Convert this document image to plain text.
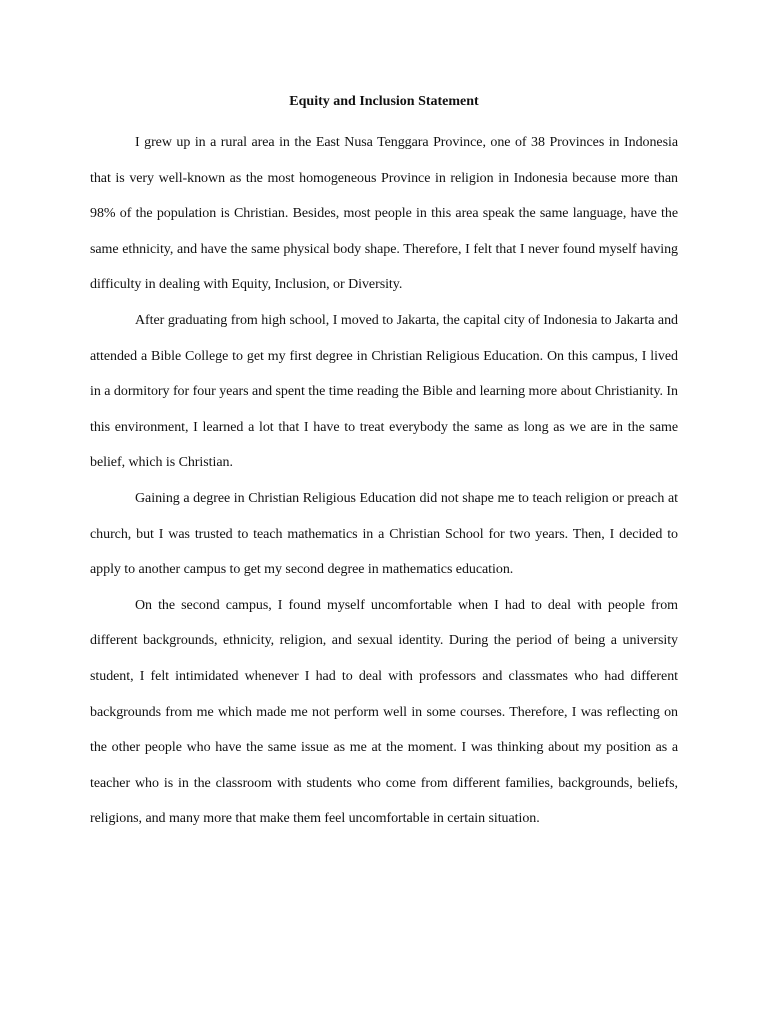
Equity and Inclusion Statement

I grew up in a rural area in the East Nusa Tenggara Province, one of 38 Provinces in Indonesia that is very well-known as the most homogeneous Province in religion in Indonesia because more than 98% of the population is Christian. Besides, most people in this area speak the same language, have the same ethnicity, and have the same physical body shape. Therefore, I felt that I never found myself having difficulty in dealing with Equity, Inclusion, or Diversity.

After graduating from high school, I moved to Jakarta, the capital city of Indonesia to Jakarta and attended a Bible College to get my first degree in Christian Religious Education. On this campus, I lived in a dormitory for four years and spent the time reading the Bible and learning more about Christianity. In this environment, I learned a lot that I have to treat everybody the same as long as we are in the same belief, which is Christian.

Gaining a degree in Christian Religious Education did not shape me to teach religion or preach at church, but I was trusted to teach mathematics in a Christian School for two years. Then, I decided to apply to another campus to get my second degree in mathematics education.

On the second campus, I found myself uncomfortable when I had to deal with people from different backgrounds, ethnicity, religion, and sexual identity. During the period of being a university student, I felt intimidated whenever I had to deal with professors and classmates who had different backgrounds from me which made me not perform well in some courses. Therefore, I was reflecting on the other people who have the same issue as me at the moment. I was thinking about my position as a teacher who is in the classroom with students who come from different families, backgrounds, beliefs, religions, and many more that make them feel uncomfortable in certain situation.
